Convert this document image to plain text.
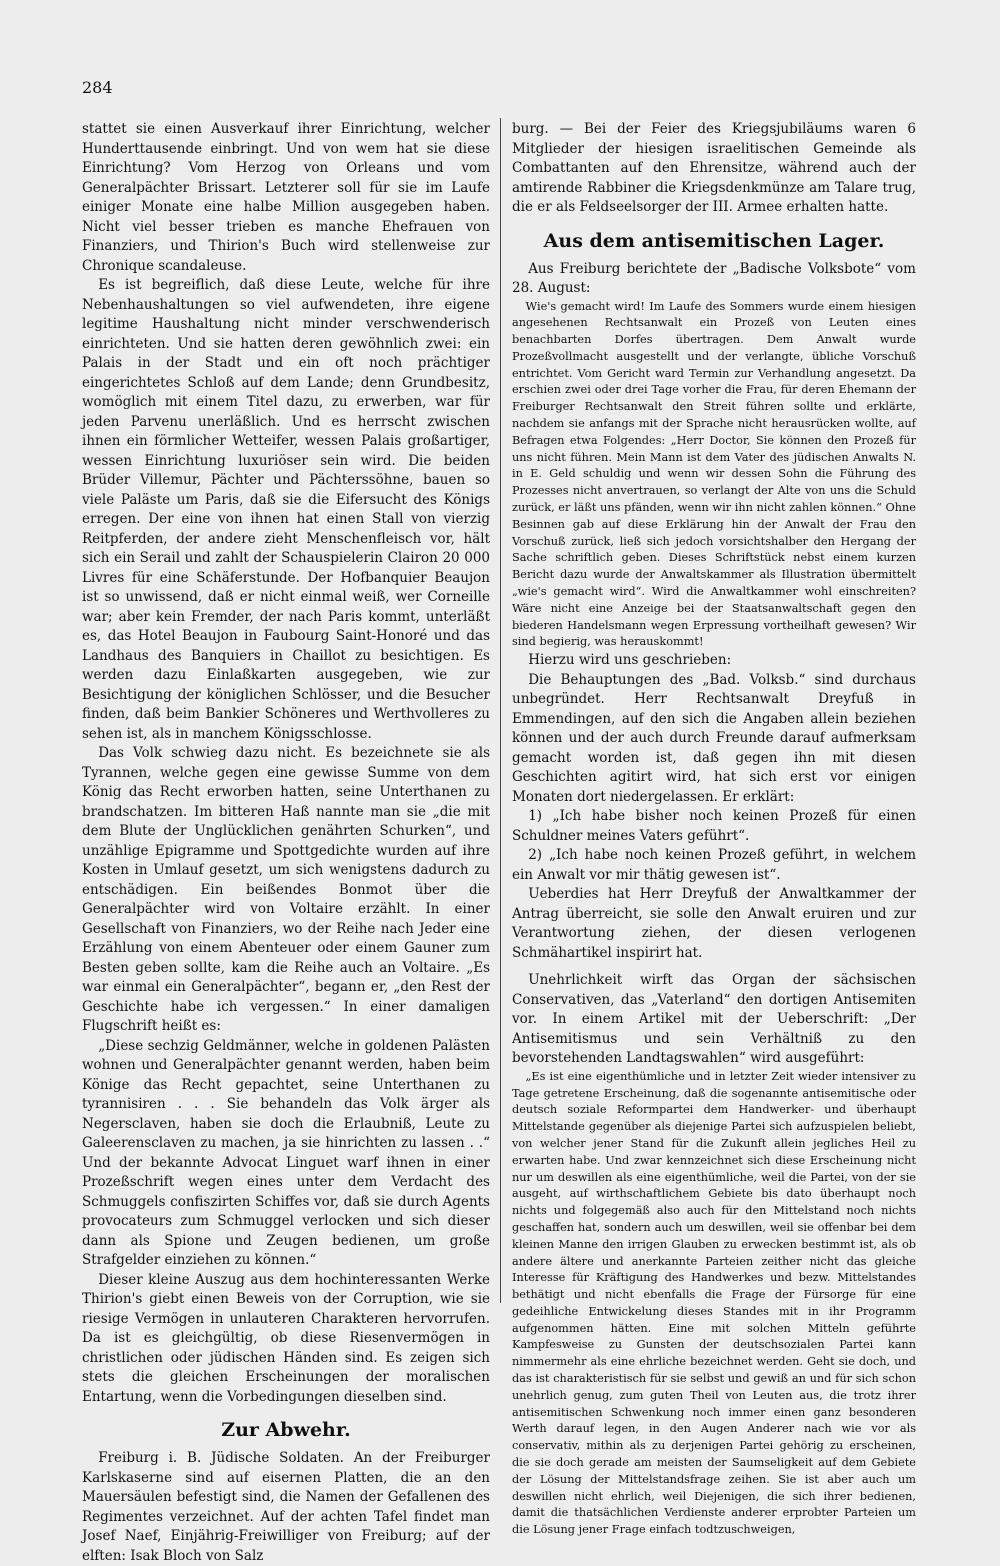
284

stattet sie einen Ausverkauf ihrer Einrichtung, welcher Hunderttausende einbringt. Und von wem hat sie diese Einrichtung? Vom Herzog von Orleans und vom Generalpächter Brissart. Letzterer soll für sie im Laufe einiger Monate eine halbe Million ausgegeben haben. Nicht viel besser trieben es manche Ehefrauen von Finanziers, und Thirion's Buch wird stellenweise zur Chronique scandaleuse.

Es ist begreiflich, daß diese Leute, welche für ihre Nebenhaushaltungen so viel aufwendeten, ihre eigene legitime Haushaltung nicht minder verschwenderisch einrichteten. Und sie hatten deren gewöhnlich zwei: ein Palais in der Stadt und ein oft noch prächtiger eingerichtetes Schloß auf dem Lande; denn Grundbesitz, womöglich mit einem Titel dazu, zu erwerben, war für jeden Parvenu unerläßlich. Und es herrscht zwischen ihnen ein förmlicher Wetteifer, wessen Palais großartiger, wessen Einrichtung luxuriöser sein wird. Die beiden Brüder Villemur, Pächter und Pächterssöhne, bauen so viele Paläste um Paris, daß sie die Eifersucht des Königs erregen. Der eine von ihnen hat einen Stall von vierzig Reitpferden, der andere zieht Menschenfleisch vor, hält sich ein Serail und zahlt der Schauspielerin Clairon 20 000 Livres für eine Schäferstunde. Der Hofbanquier Beaujon ist so unwissend, daß er nicht einmal weiß, wer Corneille war; aber kein Fremder, der nach Paris kommt, unterläßt es, das Hotel Beaujon in Faubourg Saint-Honoré und das Landhaus des Banquiers in Chaillot zu besichtigen. Es werden dazu Einlaßkarten ausgegeben, wie zur Besichtigung der königlichen Schlösser, und die Besucher finden, daß beim Bankier Schöneres und Werthvolleres zu sehen ist, als in manchem Königsschlosse.

Das Volk schwieg dazu nicht. Es bezeichnete sie als Tyrannen, welche gegen eine gewisse Summe von dem König das Recht erworben hatten, seine Unterthanen zu brandschatzen. Im bitteren Haß nannte man sie „die mit dem Blute der Unglücklichen genährten Schurken“, und unzählige Epigramme und Spottgedichte wurden auf ihre Kosten in Umlauf gesetzt, um sich wenigstens dadurch zu entschädigen. Ein beißendes Bonmot über die Generalpächter wird von Voltaire erzählt. In einer Gesellschaft von Finanziers, wo der Reihe nach Jeder eine Erzählung von einem Abenteuer oder einem Gauner zum Besten geben sollte, kam die Reihe auch an Voltaire. „Es war einmal ein Generalpächter“, begann er, „den Rest der Geschichte habe ich vergessen.“ In einer damaligen Flugschrift heißt es:

„Diese sechzig Geldmänner, welche in goldenen Palästen wohnen und Generalpächter genannt werden, haben beim Könige das Recht gepachtet, seine Unterthanen zu tyrannisiren . . . Sie behandeln das Volk ärger als Negersclaven, haben sie doch die Erlaubniß, Leute zu Galeerensclaven zu machen, ja sie hinrichten zu lassen . .“ Und der bekannte Advocat Linguet warf ihnen in einer Prozeßschrift wegen eines unter dem Verdacht des Schmuggels confiszirten Schiffes vor, daß sie durch Agents provocateurs zum Schmuggel verlocken und sich dieser dann als Spione und Zeugen bedienen, um große Strafgelder einziehen zu können.“

Dieser kleine Auszug aus dem hochinteressanten Werke Thirion's giebt einen Beweis von der Corruption, wie sie riesige Vermögen in unlauteren Charakteren hervorrufen. Da ist es gleichgültig, ob diese Riesenvermögen in christlichen oder jüdischen Händen sind. Es zeigen sich stets die gleichen Erscheinungen der moralischen Entartung, wenn die Vorbedingungen dieselben sind.

Zur Abwehr.

Freiburg i. B. Jüdische Soldaten. An der Freiburger Karlskaserne sind auf eisernen Platten, die an den Mauersäulen befestigt sind, die Namen der Gefallenen des Regimentes verzeichnet. Auf der achten Tafel findet man Josef Naef, Einjährig-Freiwilliger von Freiburg; auf der elften: Isak Bloch von Salz

burg. — Bei der Feier des Kriegsjubiläums waren 6 Mitglieder der hiesigen israelitischen Gemeinde als Combattanten auf den Ehrensitze, während auch der amtirende Rabbiner die Kriegsdenkmünze am Talare trug, die er als Feldseelsorger der III. Armee erhalten hatte.

Aus dem antisemitischen Lager.

Aus Freiburg berichtete der „Badische Volksbote“ vom 28. August:

Wie's gemacht wird! Im Laufe des Sommers wurde einem hiesigen angesehenen Rechtsanwalt ein Prozeß von Leuten eines benachbarten Dorfes übertragen. Dem Anwalt wurde Prozeßvollmacht ausgestellt und der verlangte, übliche Vorschuß entrichtet. Vom Gericht ward Termin zur Verhandlung angesetzt. Da erschien zwei oder drei Tage vorher die Frau, für deren Ehemann der Freiburger Rechtsanwalt den Streit führen sollte und erklärte, nachdem sie anfangs mit der Sprache nicht herausrücken wollte, auf Befragen etwa Folgendes: „Herr Doctor, Sie können den Prozeß für uns nicht führen. Mein Mann ist dem Vater des jüdischen Anwalts N. in E. Geld schuldig und wenn wir dessen Sohn die Führung des Prozesses nicht anvertrauen, so verlangt der Alte von uns die Schuld zurück, er läßt uns pfänden, wenn wir ihn nicht zahlen können.“ Ohne Besinnen gab auf diese Erklärung hin der Anwalt der Frau den Vorschuß zurück, ließ sich jedoch vorsichtshalber den Hergang der Sache schriftlich geben. Dieses Schriftstück nebst einem kurzen Bericht dazu wurde der Anwaltskammer als Illustration übermittelt „wie's gemacht wird“. Wird die Anwaltkammer wohl einschreiten? Wäre nicht eine Anzeige bei der Staatsanwaltschaft gegen den biederen Handelsmann wegen Erpressung vortheilhaft gewesen? Wir sind begierig, was herauskommt!

Hierzu wird uns geschrieben:

Die Behauptungen des „Bad. Volksb.“ sind durchaus unbegründet. Herr Rechtsanwalt Dreyfuß in Emmendingen, auf den sich die Angaben allein beziehen können und der auch durch Freunde darauf aufmerksam gemacht worden ist, daß gegen ihn mit diesen Geschichten agitirt wird, hat sich erst vor einigen Monaten dort niedergelassen. Er erklärt:

1) „Ich habe bisher noch keinen Prozeß für einen Schuldner meines Vaters geführt“.

2) „Ich habe noch keinen Prozeß geführt, in welchem ein Anwalt vor mir thätig gewesen ist“.

Ueberdies hat Herr Dreyfuß der Anwaltkammer der Antrag überreicht, sie solle den Anwalt eruiren und zur Verantwortung ziehen, der diesen verlogenen Schmähartikel inspirirt hat.

Unehrlichkeit wirft das Organ der sächsischen Conservativen, das „Vaterland“ den dortigen Antisemiten vor. In einem Artikel mit der Ueberschrift: „Der Antisemitismus und sein Verhältniß zu den bevorstehenden Landtagswahlen“ wird ausgeführt:

„Es ist eine eigenthümliche und in letzter Zeit wieder intensiver zu Tage getretene Erscheinung, daß die sogenannte antisemitische oder deutsch soziale Reformpartei dem Handwerker- und überhaupt Mittelstande gegenüber als diejenige Partei sich aufzuspielen beliebt, von welcher jener Stand für die Zukunft allein jegliches Heil zu erwarten habe. Und zwar kennzeichnet sich diese Erscheinung nicht nur um deswillen als eine eigenthümliche, weil die Partei, von der sie ausgeht, auf wirthschaftlichem Gebiete bis dato überhaupt noch nichts und folgegemäß also auch für den Mittelstand noch nichts geschaffen hat, sondern auch um deswillen, weil sie offenbar bei dem kleinen Manne den irrigen Glauben zu erwecken bestimmt ist, als ob andere ältere und anerkannte Parteien zeither nicht das gleiche Interesse für Kräftigung des Handwerkes und bezw. Mittelstandes bethätigt und nicht ebenfalls die Frage der Fürsorge für eine gedeihliche Entwickelung dieses Standes mit in ihr Programm aufgenommen hätten. Eine mit solchen Mitteln geführte Kampfesweise zu Gunsten der deutschsozialen Partei kann nimmermehr als eine ehrliche bezeichnet werden. Geht sie doch, und das ist charakteristisch für sie selbst und gewiß an und für sich schon unehrlich genug, zum guten Theil von Leuten aus, die trotz ihrer antisemitischen Schwenkung noch immer einen ganz besonderen Werth darauf legen, in den Augen Anderer nach wie vor als conservativ, mithin als zu derjenigen Partei gehörig zu erscheinen, die sie doch gerade am meisten der Saumseligkeit auf dem Gebiete der Lösung der Mittelstandsfrage zeihen. Sie ist aber auch um deswillen nicht ehrlich, weil Diejenigen, die sich ihrer bedienen, damit die thatsächlichen Verdienste anderer erprobter Parteien um die Lösung jener Frage einfach todtzuschweigen,
